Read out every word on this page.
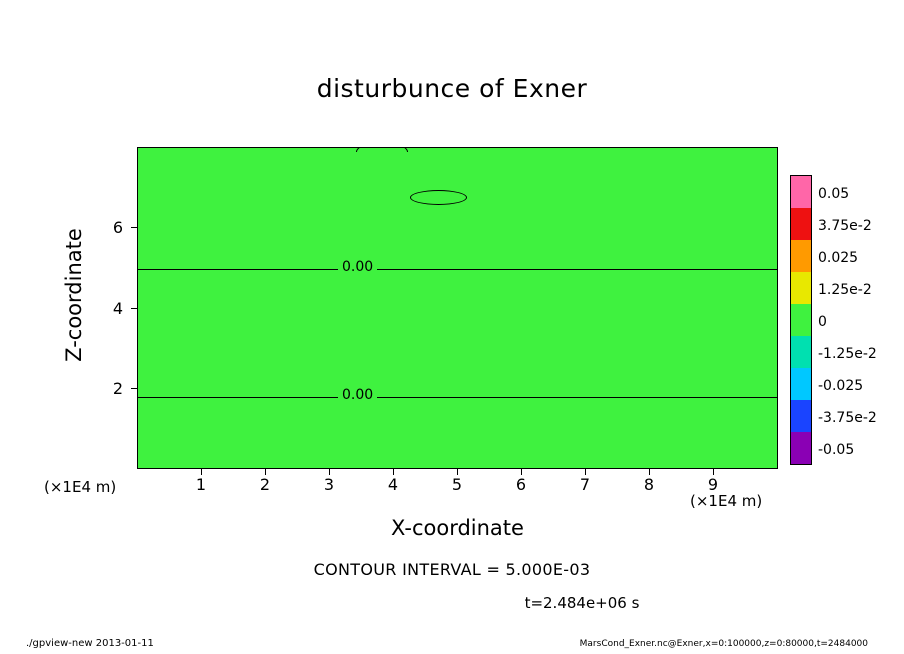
disturbunce of Exner
0.00
0.00
1	2	3	4	5	6	7	8	9
2
4
6
X-coordinate
Z-coordinate
(×1E4 m)
(×1E4 m)
0.05
3.75e-2
0.025
1.25e-2
0
-1.25e-2
-0.025
-3.75e-2
-0.05
CONTOUR INTERVAL = 5.000E-03
t=2.484e+06 s
./gpview-new 2013-01-11	MarsCond_Exner.nc@Exner,x=0:100000,z=0:80000,t=2484000
